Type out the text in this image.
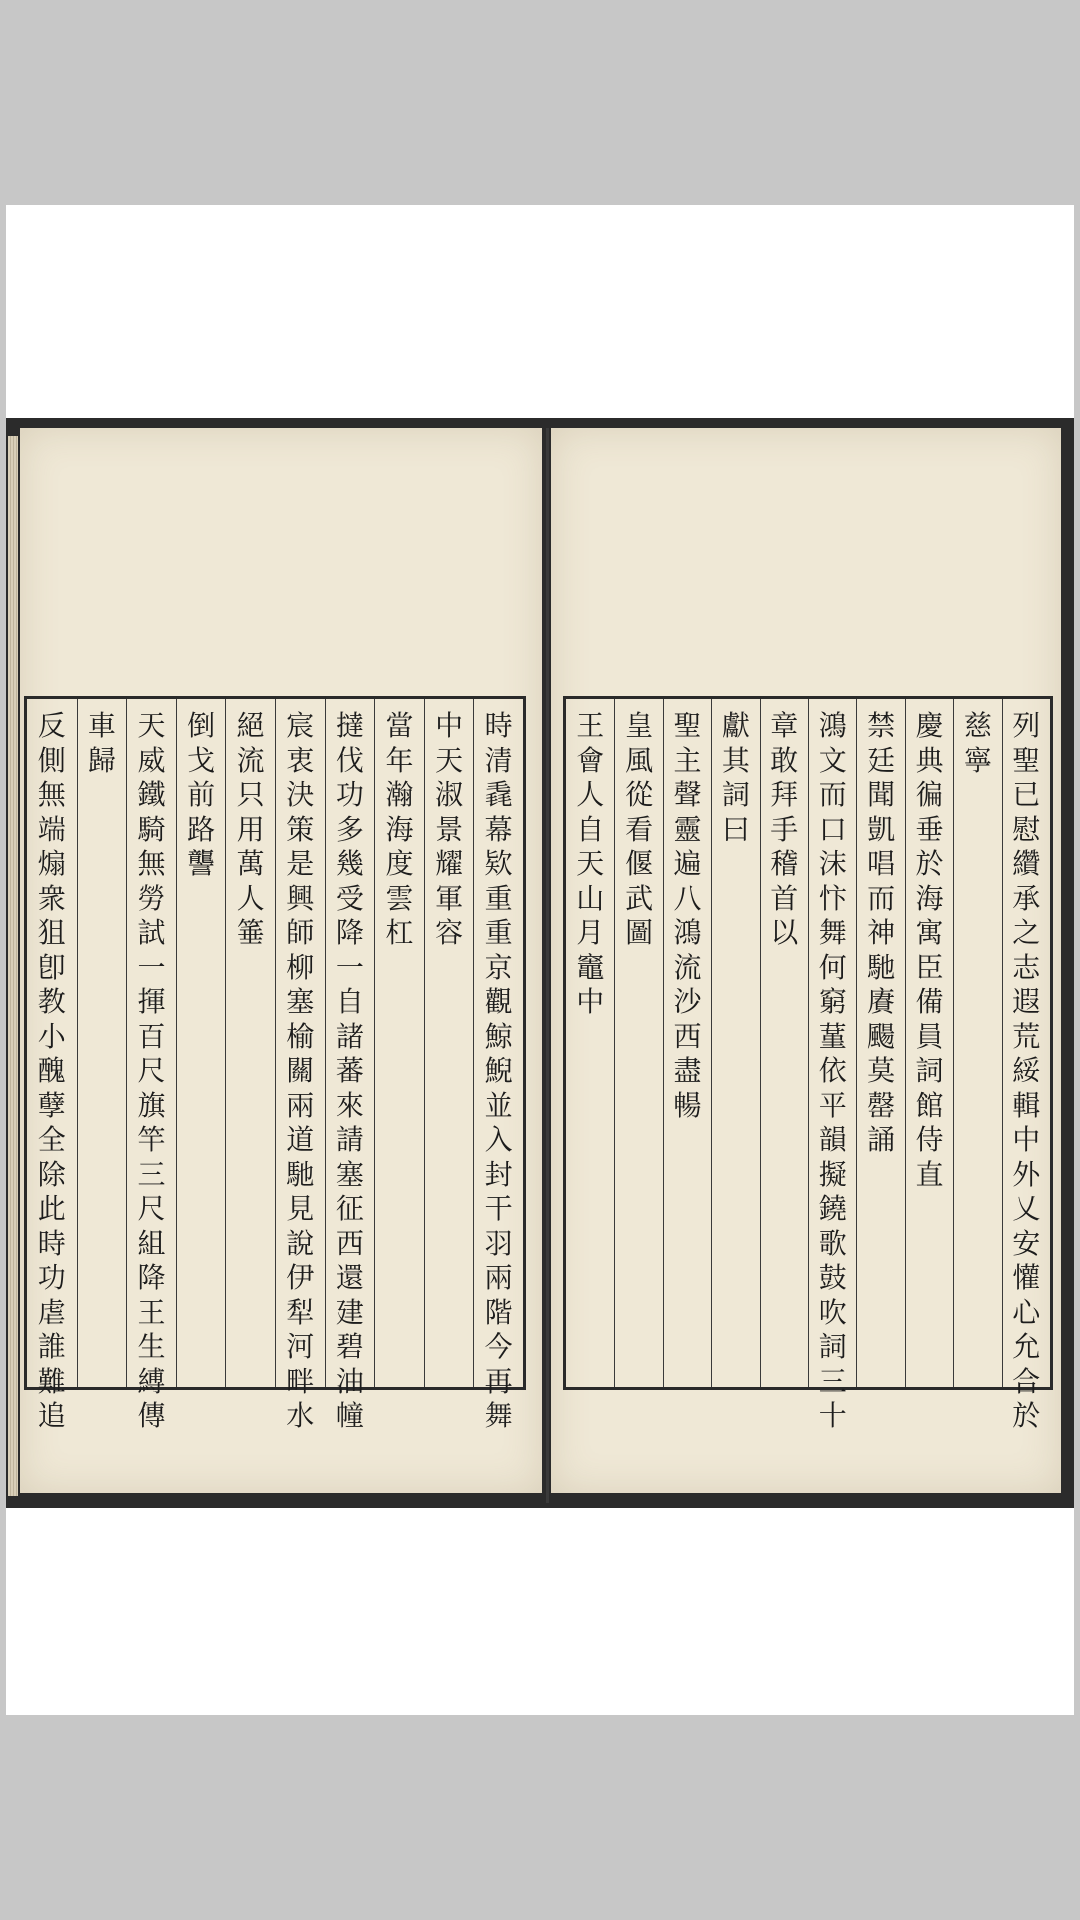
時
清
毳
幕
欵
重
重
京
觀
鯨
鯢
並
入
封
干
羽
兩
階
今
再
舞
中
天
淑
景
耀
軍
容
當
年
瀚
海
度
雲
杠
撻
伐
功
多
幾
受
降
一
自
諸
蕃
來
請
塞
征
西
還
建
碧
油
幢
宸
衷
決
策
是
興
師
柳
塞
榆
關
兩
道
馳
見
說
伊
犁
河
畔
水
絕
流
只
用
萬
人
箠
倒
戈
前
路
讋
天
威
鐵
騎
無
勞
試
一
揮
百
尺
旗
竿
三
尺
組
降
王
生
縛
傳
車
歸
反
側
無
端
煽
衆
狙
卽
教
小
醜
孽
全
除
此
時
功
虐
誰
難
追
列
聖
已
慰
纘
承
之
志
遐
荒
綏
輯
中
外
乂
安
懽
心
允
合
於
慈
寧
慶
典
徧
垂
於
海
寓
臣
備
員
詞
館
侍
直
禁
廷
聞
凱
唱
而
神
馳
賡
颺
莫
罄
誦
鴻
文
而
口
沫
忭
舞
何
窮
蓳
依
平
韻
擬
鐃
歌
鼓
吹
詞
三
十
章
敢
拜
手
稽
首
以
獻
其
詞
曰
聖
主
聲
靈
遍
八
鴻
流
沙
西
盡
暢
皇
風
從
看
偃
武
圖
王
會
人
自
天
山
月
竈
中
